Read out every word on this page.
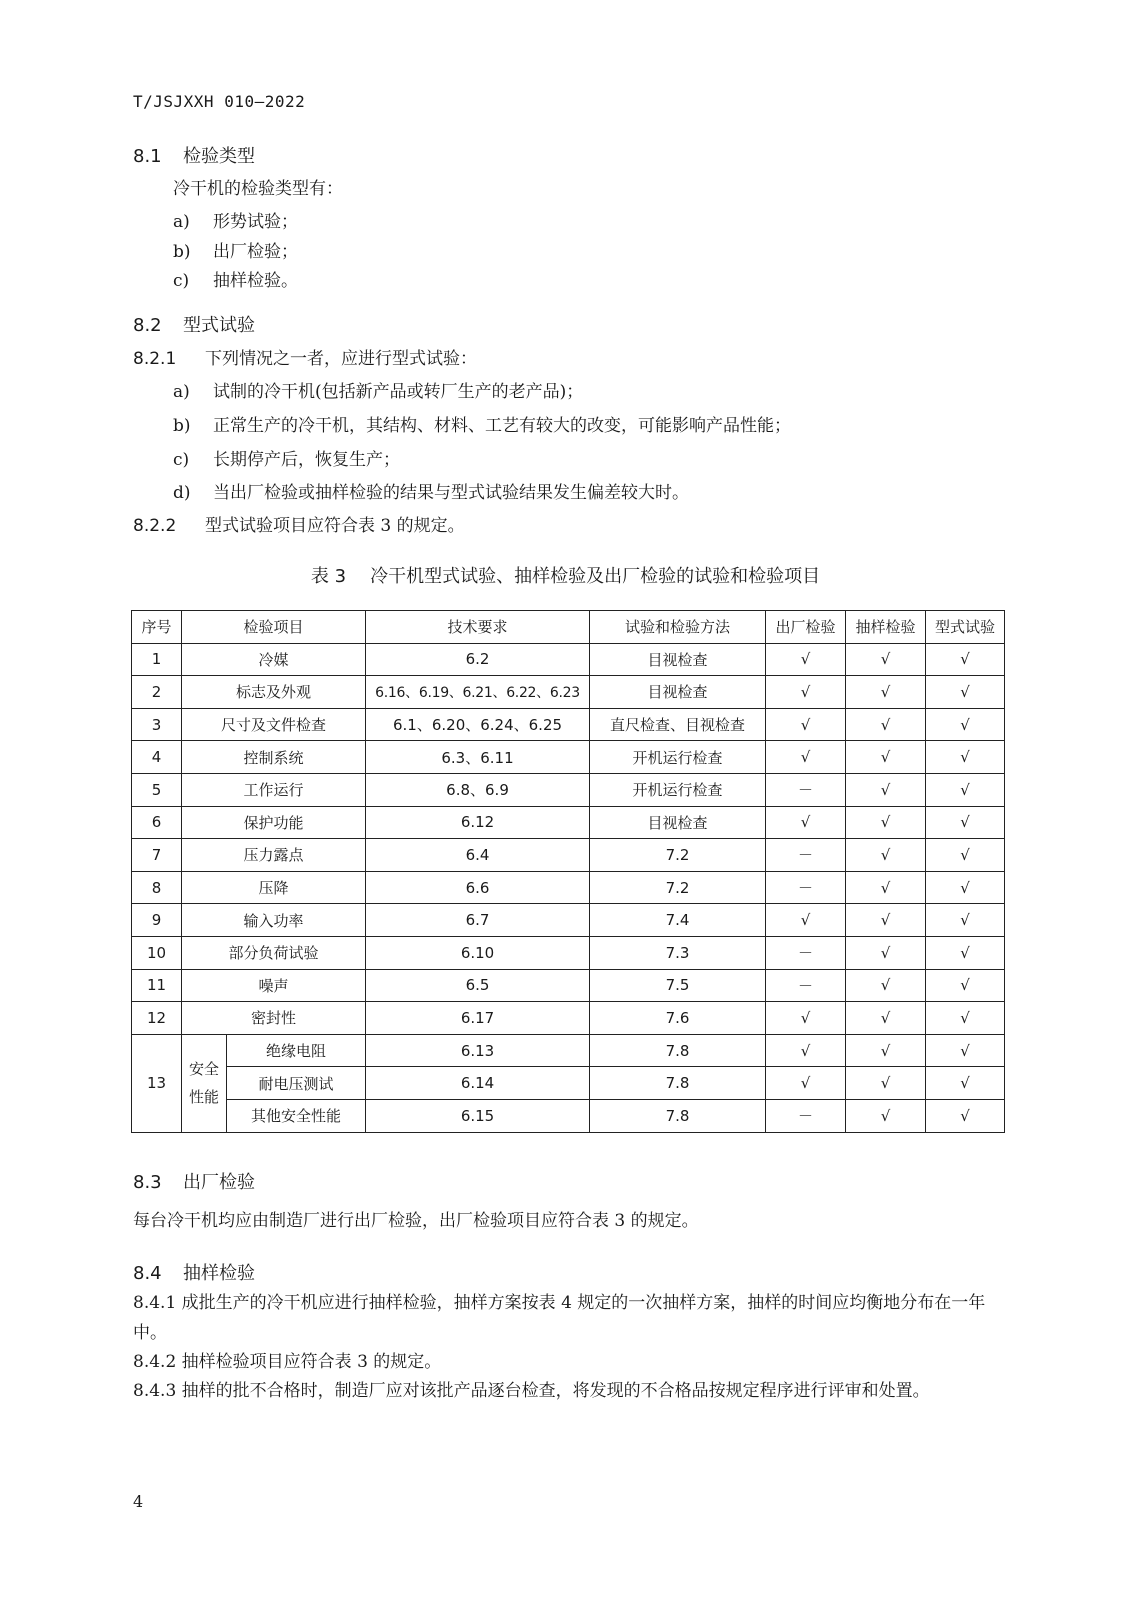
T/JSJXXH 010—2022
8.1 检验类型
冷干机的检验类型有：
a) 形势试验；
b) 出厂检验；
c) 抽样检验。
8.2 型式试验
8.2.1 下列情况之一者，应进行型式试验：
a) 试制的冷干机(包括新产品或转厂生产的老产品)；
b) 正常生产的冷干机，其结构、材料、工艺有较大的改变，可能影响产品性能；
c) 长期停产后，恢复生产；
d) 当出厂检验或抽样检验的结果与型式试验结果发生偏差较大时。
8.2.2 型式试验项目应符合表 3 的规定。
表 3 冷干机型式试验、抽样检验及出厂检验的试验和检验项目
序号	检验项目		技术要求	试验和检验方法	出厂检验	抽样检验	型式试验
1	冷媒		6.2	目视检查	√	√	√
2	标志及外观		6.16、6.19、6.21、6.22、6.23	目视检查	√	√	√
3	尺寸及文件检查		6.1、6.20、6.24、6.25	直尺检查、目视检查	√	√	√
4	控制系统		6.3、6.11	开机运行检查	√	√	√
5	工作运行		6.8、6.9	开机运行检查	－	√	√
6	保护功能		6.12	目视检查	√	√	√
7	压力露点		6.4	7.2	－	√	√
8	压降		6.6	7.2	－	√	√
9	输入功率		6.7	7.4	√	√	√
10	部分负荷试验		6.10	7.3	－	√	√
11	噪声		6.5	7.5	－	√	√
12	密封性		6.17	7.6	√	√	√
13	安全性能	绝缘电阻	6.13	7.8	√	√	√
		耐电压测试	6.14	7.8	√	√	√
		其他安全性能	6.15	7.8	－	√	√
8.3 出厂检验
每台冷干机均应由制造厂进行出厂检验，出厂检验项目应符合表 3 的规定。
8.4 抽样检验
8.4.1 成批生产的冷干机应进行抽样检验，抽样方案按表 4 规定的一次抽样方案，抽样的时间应均衡地分布在一年中。
8.4.2 抽样检验项目应符合表 3 的规定。
8.4.3 抽样的批不合格时，制造厂应对该批产品逐台检查，将发现的不合格品按规定程序进行评审和处置。
4
